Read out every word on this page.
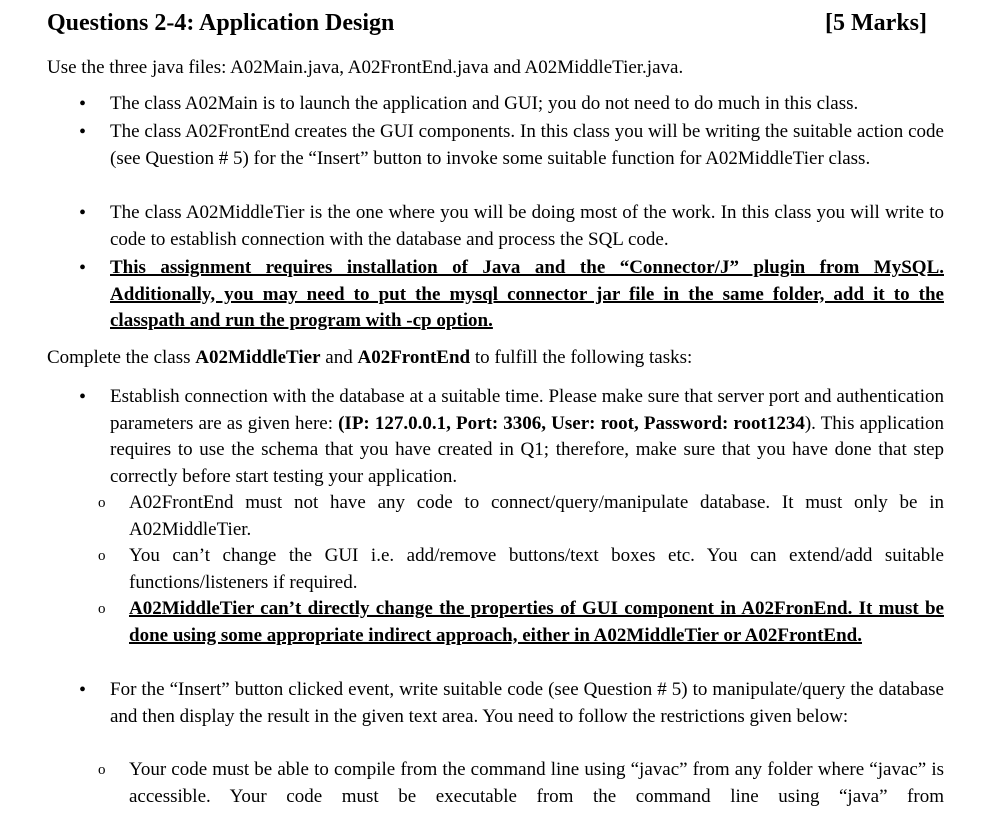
Questions 2-4: Application Design	[5 Marks]
Use the three java files: A02Main.java, A02FrontEnd.java and A02MiddleTier.java.
• The class A02Main is to launch the application and GUI; you do not need to do much in this class.
• The class A02FrontEnd creates the GUI components. In this class you will be writing the suitable action code (see Question # 5) for the “Insert” button to invoke some suitable function for A02MiddleTier class.
• The class A02MiddleTier is the one where you will be doing most of the work. In this class you will write to code to establish connection with the database and process the SQL code.
• This assignment requires installation of Java and the “Connector/J” plugin from MySQL. Additionally, you may need to put the mysql connector jar file in the same folder, add it to the classpath and run the program with -cp option.
Complete the class A02MiddleTier and A02FrontEnd to fulfill the following tasks:
• Establish connection with the database at a suitable time. Please make sure that server port and authentication parameters are as given here: (IP: 127.0.0.1, Port: 3306, User: root, Password: root1234). This application requires to use the schema that you have created in Q1; therefore, make sure that you have done that step correctly before start testing your application.
o A02FrontEnd must not have any code to connect/query/manipulate database. It must only be in A02MiddleTier.
o You can’t change the GUI i.e. add/remove buttons/text boxes etc. You can extend/add suitable functions/listeners if required.
o A02MiddleTier can’t directly change the properties of GUI component in A02FronEnd. It must be done using some appropriate indirect approach, either in A02MiddleTier or A02FrontEnd.
• For the “Insert” button clicked event, write suitable code (see Question # 5) to manipulate/query the database and then display the result in the given text area. You need to follow the restrictions given below:
o Your code must be able to compile from the command line using “javac” from any folder where “javac” is accessible. Your code must be executable from the command line using “java” from
